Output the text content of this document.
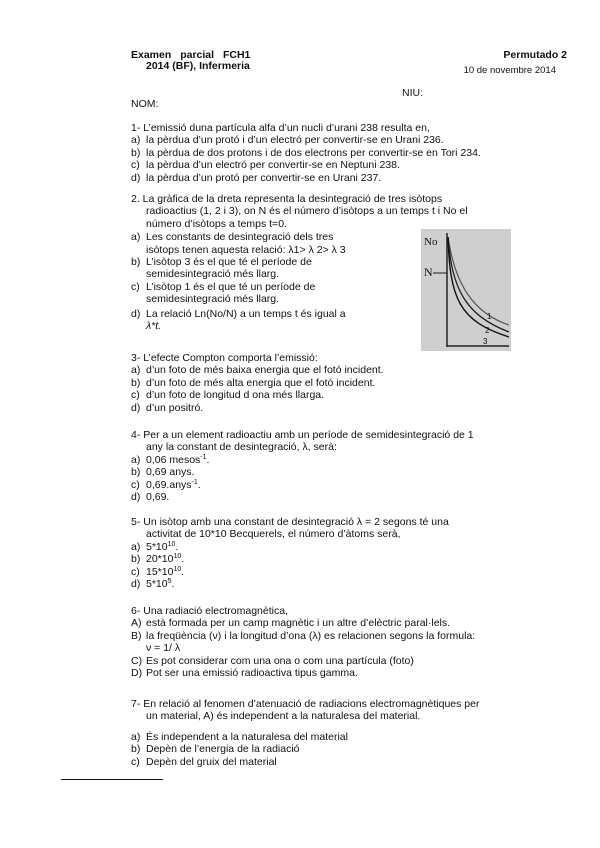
Examen parcial FCH1
2014 (BF), Infermeria
Permutado 2
10 de novembre 2014
NIU:
NOM:

1- L’emissió duna partícula alfa d’un nucli d’urani 238 resulta en,

a) la pèrdua d’un protó i d’un electró per convertir-se en Urani 236.
b) la pèrdua de dos protons i de dos electrons per convertir-se en Tori 234.
c) la pèrdua d’un electró per convertir-se en Neptuni 238.
d) la pèrdua d’un protó per convertir-se en Urani 237.

2. La gràfica de la dreta representa la desintegració de tres isòtops

radioactius (1, 2 i 3), on N és el número d’isòtops a un temps t i No el

número d’isòtops a temps t=0.

a) Les constants de desintegració dels tres
isòtops tenen aquesta relació: λ1> λ 2> λ 3
b) L’isòtop 3 és el que té el període de
semidesintegració més llarg.
c) L’isòtop 1 és el que té un període de
semidesintegració més llarg.
d) La relació Ln(No/N) a un temps t és igual a
λ*t.
No
N
1
2
3

3- L’efecte Compton comporta l’emissió:

a) d’un foto de més baixa energia que el fotó incident.
b) d’un foto de més alta energia que el fotó incident.
c) d’un foto de longitud d ona més llarga.
d) d’un positró.

4- Per a un element radioactiu amb un període de semidesintegració de 1

any la constant de desintegració, λ, serà:

a) 0,06 mesos$^{-1}$.
b) 0,69 anys.
c) 0,69.anys$^{-1}$.
d) 0,69.

5- Un isòtop amb una constant de desintegració λ = 2 segons té una

activitat de 10*10 Becquerels, el número d’àtoms serà,

a) $5*10^{10}$.
b) $20*10^{10}$.
c) $15*10^{10}$.
d) $5*10^5$.

6- Una radiació electromagnètica,

A) està formada per un camp magnètic i un altre d’elèctric paral·lels.
B) la freqüència (ν) i la longitud d’ona (λ) es relacionen segons la formula:
ν = 1/ λ
C) Es pot considerar com una ona o com una partícula (foto)
D) Pot ser una emissió radioactiva tipus gamma.

7- En relació al fenomen d’atenuació de radiacions electromagnètiques per

un material, A) és independent a la naturalesa del material.

a) És independent a la naturalesa del material
b) Depèn de l’energia de la radiació
c) Depèn del gruix del material
